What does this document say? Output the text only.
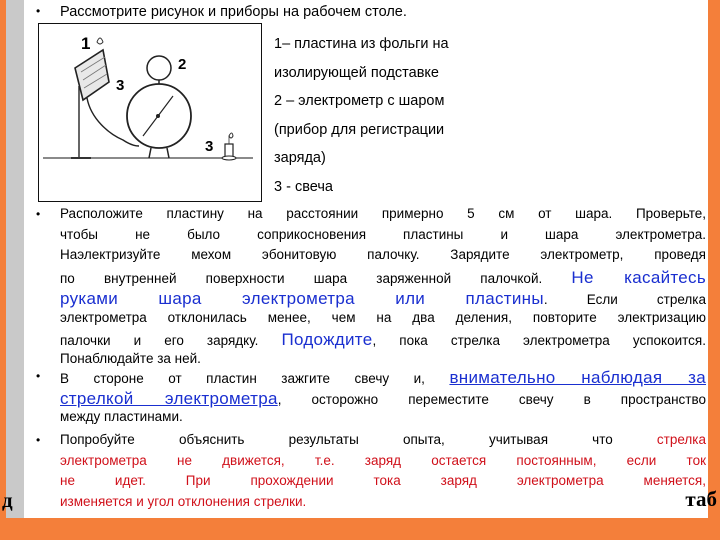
• Рассмотрите рисунок и приборы на рабочем столе.
1
2
3
3
1– пластина из фольги на
изолирующей подставке
2 – электрометр с шаром
(прибор для регистрации
заряда)
3 - свеча
• Расположите пластину на расстоянии примерно 5 см от шара. Проверьте,
чтобы не было соприкосновения пластины и шара электрометра.
Наэлектризуйте мехом эбонитовую палочку. Зарядите электрометр, проведя
по внутренней поверхности шара заряженной палочкой. Не касайтесь
руками шара электрометра или пластины. Если стрелка
электрометра отклонилась менее, чем на два деления, повторите электризацию
палочки и его зарядку. Подождите, пока стрелка электрометра успокоится.
Понаблюдайте за ней.
• В стороне от пластин зажгите свечу и, внимательно наблюдая за
стрелкой электрометра, осторожно переместите свечу в пространство
между пластинами.
• Попробуйте объяснить результаты опыта, учитывая что стрелка
электрометра не движется, т.е. заряд остается постоянным, если ток
не идет. При прохождении тока заряд электрометра меняется,
изменяется и угол отклонения стрелки.
д	таб
